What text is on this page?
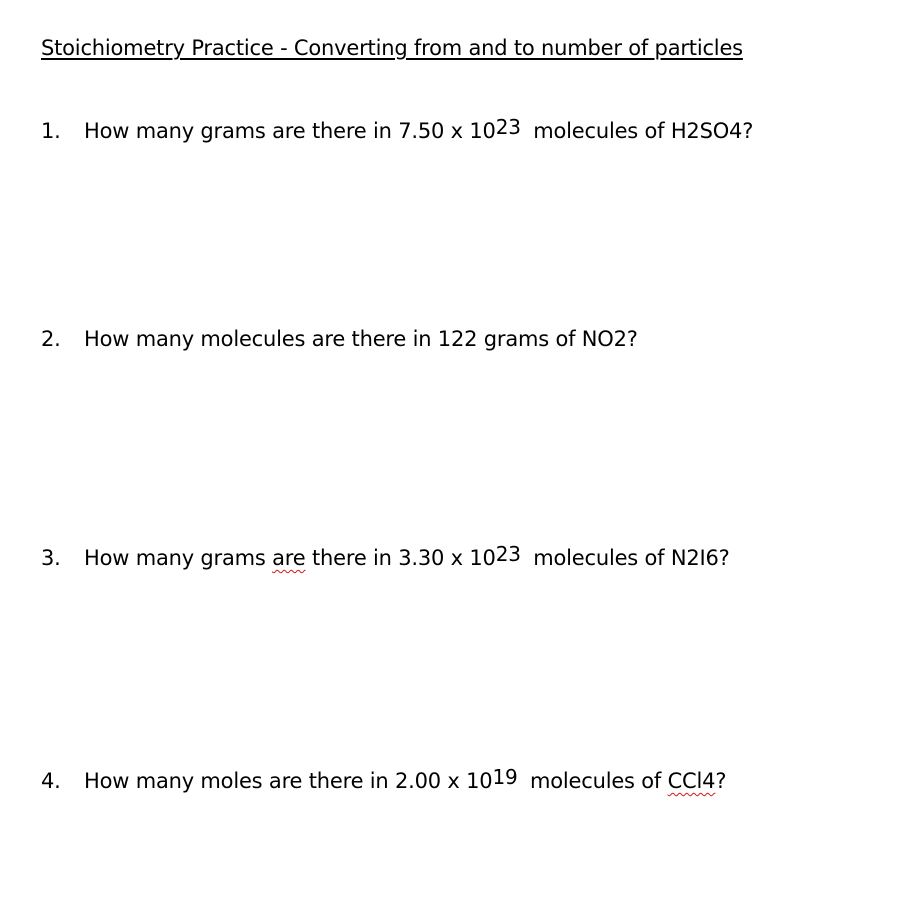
Stoichiometry Practice - Converting from and to number of particles
1. How many grams are there in 7.50 x $10^{23}$ molecules of H2SO4?
2. How many molecules are there in 122 grams of NO2?
3. How many grams are there in 3.30 x $10^{23}$ molecules of N2I6?
4. How many moles are there in 2.00 x $10^{19}$ molecules of CCl4?
